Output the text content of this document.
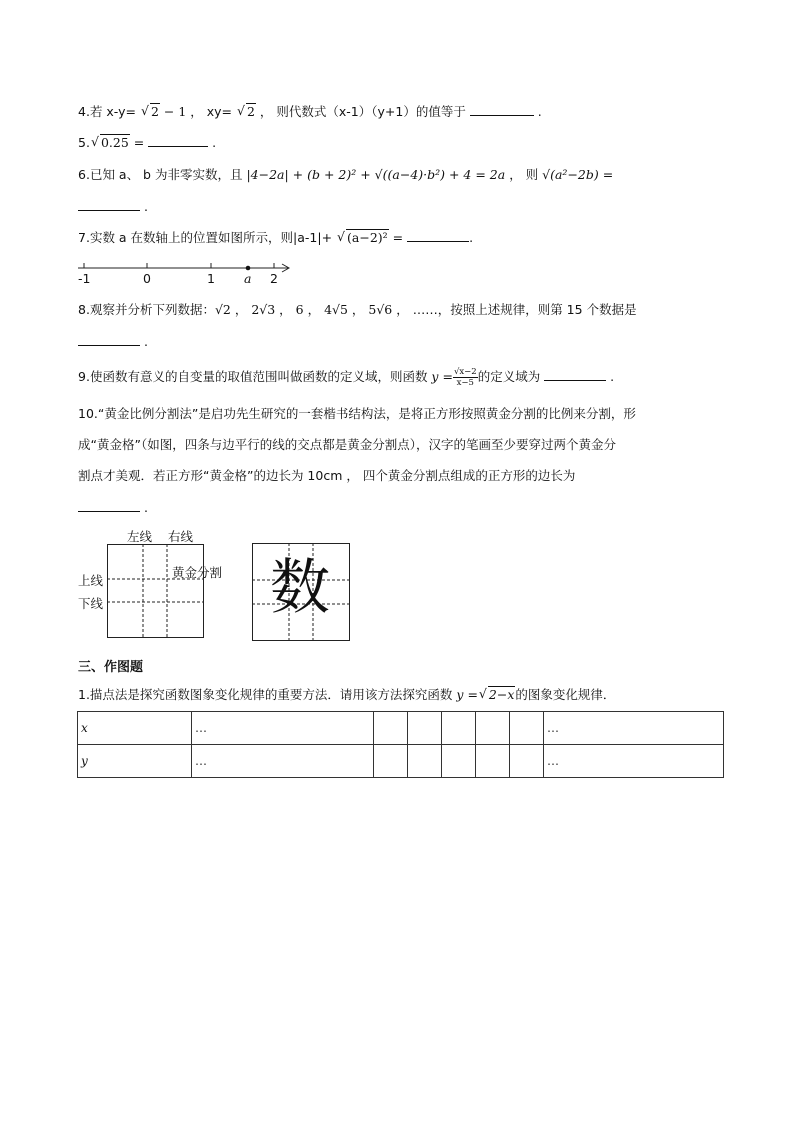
4.若 x-y= √ 2 − 1 ， xy= √ 2 ， 则代数式（x-1）（y+1）的值等于	.
5. √ 0.25 =	.
6.已知 a、 b 为非零实数，且 |4−2a| + (b + 2)² + √((a−4)·b²) + 4 = 2a ， 则 √(a²−2b) =
.
7.实数 a 在数轴上的位置如图所示，则|a-1|+ √ (a−2)² =	.
-1	0	1 a 2
8.观察并分析下列数据：√2 ， 2√3 ， 6 ， 4√5 ， 5√6 ， ……，按照上述规律，则第 15 个数据是
.
9.使函数有意义的自变量的取值范围叫做函数的定义域，则函数 $y = \frac{√x-2}{x-5}$ 的定义域为	.
10.“黄金比例分割法”是启功先生研究的一套楷书结构法，是将正方形按照黄金分割的比例来分割，形
成“黄金格”（如图，四条与边平行的线的交点都是黄金分割点），汉字的笔画至少要穿过两个黄金分
割点才美观．若正方形“黄金格”的边长为 10cm ， 四个黄金分割点组成的正方形的边长为
.
左线 右线
上线
下线
黄金分割 数
三、作图题
1.描点法是探究函数图象变化规律的重要方法．请用该方法探究函数 y = √ 2−x的图象变化规律．
x	…						…
y	…						…
